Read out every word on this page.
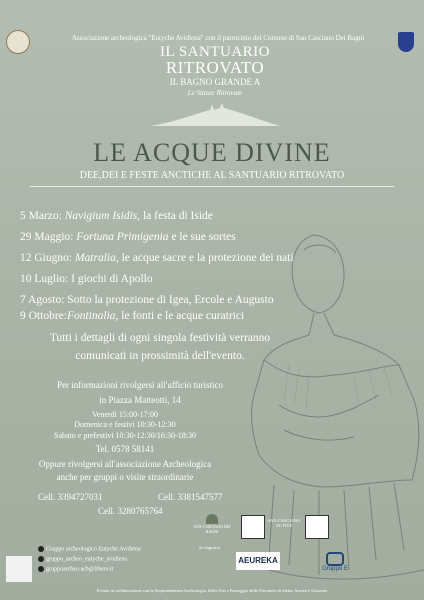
Associazione archeologica "Eutyche Avidiena" con il patrocinio del Comune di San Casciano Dei Bagni
IL SANTUARIO
RITROVATO
IL BAGNO GRANDE A
Le Stanze Ritrovate
LE ACQUE DIVINE
DEE,DEI E FESTE ANCTICHE AL SANTUARIO RITROVATO
5 Marzo: Navigium Isidis, la festa di Iside
29 Maggio: Fortuna Primigenia e le sue sortes
12 Giugno: Matralia, le acque sacre e la protezione dei nati
10 Luglio: I giochi di Apollo
7 Agosto: Sotto la protezione di Igea, Ercole e Augusto
9 Ottobre:Fontinalia, le fonti e le acque curatrici
Tutti i dettagli di ogni singola festività verranno
comunicati in prossimità dell'evento.
Per informazioni rivolgersi all'ufficio turistico
in Piazza Matteotti, 14
Venerdì 15:00-17:00
Domenica e festivi 10:30-12:30
Sabato e prefestivi 10:30-12:30/16:30-18:30
Tel. 0578 58141
Oppure rivolgersi all'associazione Archeologica
anche per gruppi o visite straordinarie
Cell. 3394727031	Cell. 3381547577
Cell. 3280765764
SAN CASCIANO DEI BAGNI
SAN CASCIANO ACTIVE
Si ringrazia
Gruppo archeologico Eutyche Avidiena
gruppo_archeo_eutyche_avidiena
gruppoarcheo.acb@libero.it
AEUREKA
Gruppo E
Evento in collaborazione con la Soprintendenza Archeologia, Belle Arti e Paesaggio delle Provincie di Siena, Arezzo e Grosseto
